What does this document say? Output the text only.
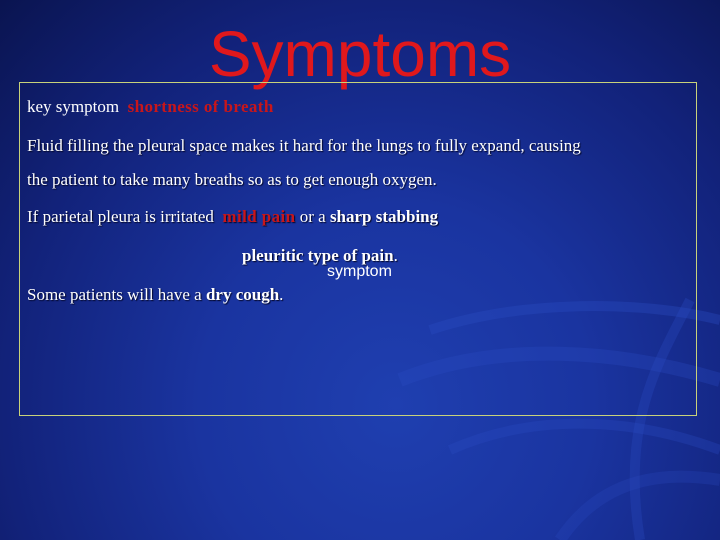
Symptoms
key symptom  shortness of breath
Fluid filling the pleural space makes it hard for the lungs to fully expand, causing
the patient to take many breaths so as to get enough oxygen.
If parietal pleura is irritated  mild pain or a sharp stabbing
pleuritic type of pain.
symptom
Some patients will have a dry cough.
